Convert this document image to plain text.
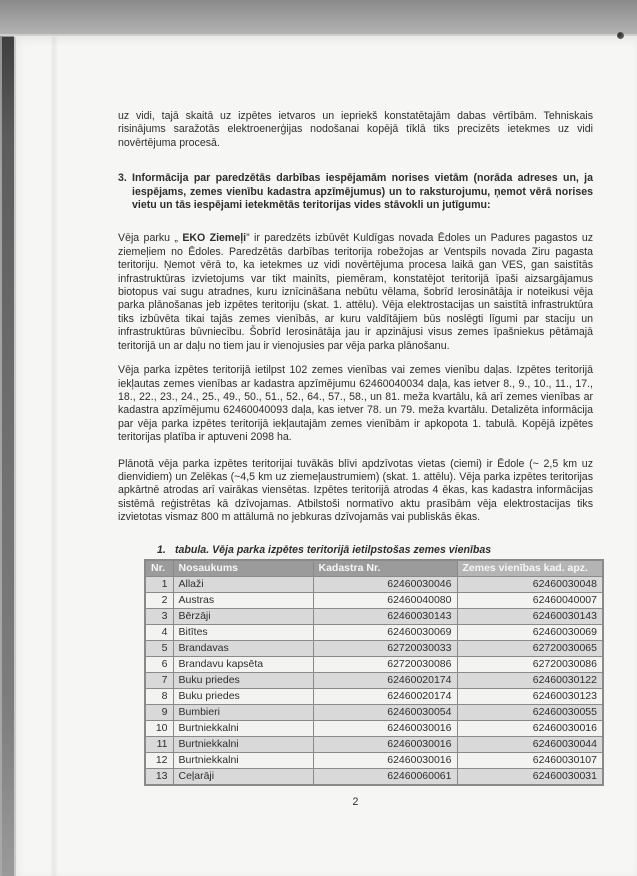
uz vidi, tajā skaitā uz izpētes ietvaros un iepriekš konstatētajām dabas vērtībām. Tehniskais risinājums saražotās elektroenerģijas nodošanai kopējā tīklā tiks precizēts ietekmes uz vidi novērtējuma procesā.

3. Informācija par paredzētās darbības iespējamām norises vietām (norāda adreses un, ja iespējams, zemes vienību kadastra apzīmējumus) un to raksturojumu, ņemot vērā norises vietu un tās iespējami ietekmētās teritorijas vides stāvokli un jutīgumu:

Vēja parku „ EKO Ziemeļi” ir paredzēts izbūvēt Kuldīgas novada Ēdoles un Padures pagastos uz ziemeļiem no Ēdoles. Paredzētās darbības teritorija robežojas ar Ventspils novada Ziru pagasta teritoriju. Ņemot vērā to, ka ietekmes uz vidi novērtējuma procesa laikā gan VES, gan saistītās infrastruktūras izvietojums var tikt mainīts, piemēram, konstatējot teritorijā īpaši aizsargājamus biotopus vai sugu atradnes, kuru iznīcināšana nebūtu vēlama, šobrīd Ierosinātāja ir noteikusi vēja parka plānošanas jeb izpētes teritoriju (skat. 1. attēlu). Vēja elektrostacijas un saistītā infrastruktūra tiks izbūvēta tikai tajās zemes vienībās, ar kuru valdītājiem būs noslēgti līgumi par staciju un infrastruktūras būvniecību. Šobrīd Ierosinātāja jau ir apzinājusi visus zemes īpašniekus pētāmajā teritorijā un ar daļu no tiem jau ir vienojusies par vēja parka plānošanu.

Vēja parka izpētes teritorijā ietilpst 102 zemes vienības vai zemes vienību daļas. Izpētes teritorijā iekļautas zemes vienības ar kadastra apzīmējumu 62460040034 daļa, kas ietver 8., 9., 10., 11., 17., 18., 22., 23., 24., 25., 49., 50., 51., 52., 64., 57., 58., un 81. meža kvartālu, kā arī zemes vienības ar kadastra apzīmējumu 62460040093 daļa, kas ietver 78. un 79. meža kvartālu. Detalizēta informācija par vēja parka izpētes teritorijā iekļautajām zemes vienībām ir apkopota 1. tabulā. Kopējā izpētes teritorijas platība ir aptuveni 2098 ha.

Plānotā vēja parka izpētes teritorijai tuvākās blīvi apdzīvotas vietas (ciemi) ir Ēdole (~ 2,5 km uz dienvidiem) un Zelēkas (~4,5 km uz ziemeļaustrumiem) (skat. 1. attēlu). Vēja parka izpētes teritorijas apkārtnē atrodas arī vairākas viensētas. Izpētes teritorijā atrodas 4 ēkas, kas kadastra informācijas sistēmā reģistrētas kā dzīvojamas. Atbilstoši normatīvo aktu prasībām vēja elektrostacijas tiks izvietotas vismaz 800 m attālumā no jebkuras dzīvojamās vai publiskās ēkas.

1. tabula. Vēja parka izpētes teritorijā ietilpstošas zemes vienības
Nr.	Nosaukums	Kadastra Nr.	Zemes vienības kad. apz.
1	Allaži	62460030046	62460030048
2	Austras	62460040080	62460040007
3	Bērzāji	62460030143	62460030143
4	Bitītes	62460030069	62460030069
5	Brandavas	62720030033	62720030065
6	Brandavu kapsēta	62720030086	62720030086
7	Buku priedes	62460020174	62460030122
8	Buku priedes	62460020174	62460030123
9	Bumbieri	62460030054	62460030055
10	Burtniekkalni	62460030016	62460030016
11	Burtniekkalni	62460030016	62460030044
12	Burtniekkalni	62460030016	62460030107
13	Ceļarāji	62460060061	62460030031
2
